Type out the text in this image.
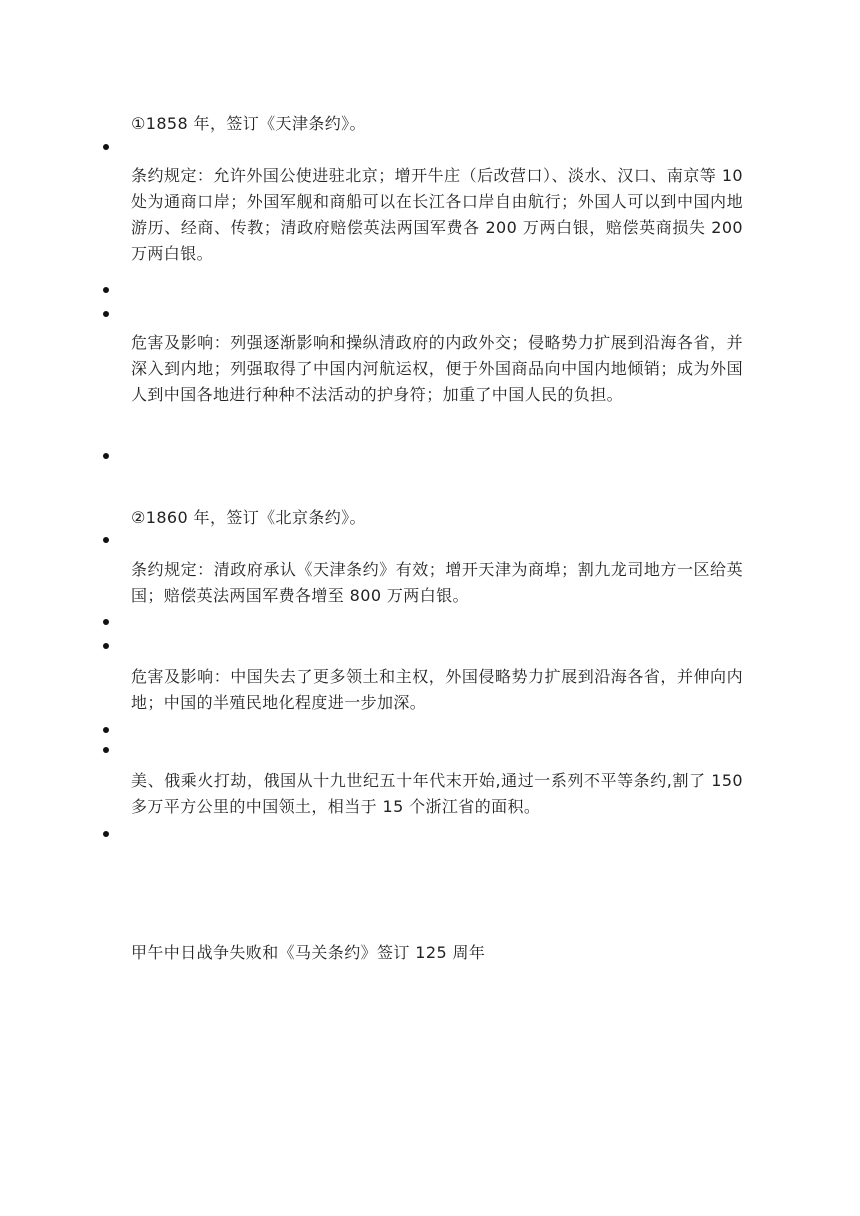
①1858 年，签订《天津条约》。

条约规定：允许外国公使进驻北京；增开牛庄（后改营口）、淡水、汉口、南京等 10 处为通商口岸；外国军舰和商船可以在长江各口岸自由航行；外国人可以到中国内地游历、经商、传教；清政府赔偿英法两国军费各 200 万两白银，赔偿英商损失 200 万两白银。

危害及影响：列强逐渐影响和操纵清政府的内政外交；侵略势力扩展到沿海各省，并深入到内地；列强取得了中国内河航运权，便于外国商品向中国内地倾销；成为外国人到中国各地进行种种不法活动的护身符；加重了中国人民的负担。

②1860 年，签订《北京条约》。

条约规定：清政府承认《天津条约》有效；增开天津为商埠；割九龙司地方一区给英国；赔偿英法两国军费各增至 800 万两白银。

危害及影响：中国失去了更多领土和主权，外国侵略势力扩展到沿海各省，并伸向内地；中国的半殖民地化程度进一步加深。

美、俄乘火打劫，俄国从十九世纪五十年代末开始,通过一系列不平等条约,割了 150 多万平方公里的中国领土，相当于 15 个浙江省的面积。

甲午中日战争失败和《马关条约》签订 125 周年
